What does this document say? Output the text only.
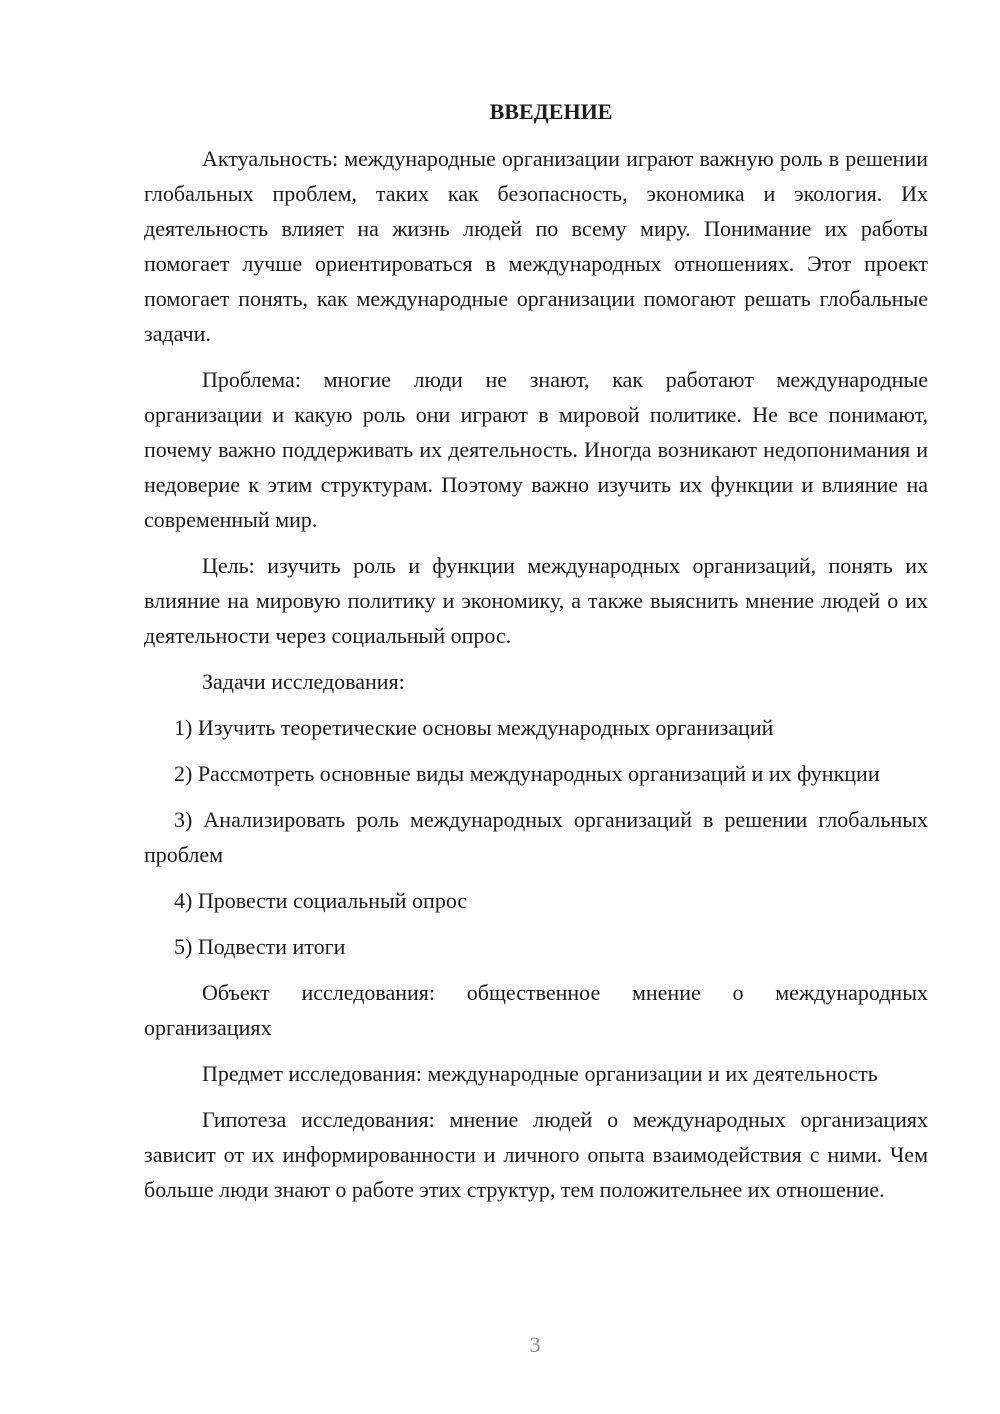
ВВЕДЕНИЕ

Актуальность: международные организации играют важную роль в решении глобальных проблем, таких как безопасность, экономика и экология. Их деятельность влияет на жизнь людей по всему миру. Понимание их работы помогает лучше ориентироваться в международных отношениях. Этот проект помогает понять, как международные организации помогают решать глобальные задачи.

Проблема: многие люди не знают, как работают международные организации и какую роль они играют в мировой политике. Не все понимают, почему важно поддерживать их деятельность. Иногда возникают недопонимания и недоверие к этим структурам. Поэтому важно изучить их функции и влияние на современный мир.

Цель: изучить роль и функции международных организаций, понять их влияние на мировую политику и экономику, а также выяснить мнение людей о их деятельности через социальный опрос.

Задачи исследования:

1) Изучить теоретические основы международных организаций

2) Рассмотреть основные виды международных организаций и их функции

3) Анализировать роль международных организаций в решении глобальных проблем

4) Провести социальный опрос

5) Подвести итоги

Объект исследования: общественное мнение о международных организациях

Предмет исследования: международные организации и их деятельность

Гипотеза исследования: мнение людей о международных организациях зависит от их информированности и личного опыта взаимодействия с ними. Чем больше люди знают о работе этих структур, тем положительнее их отношение.

3
